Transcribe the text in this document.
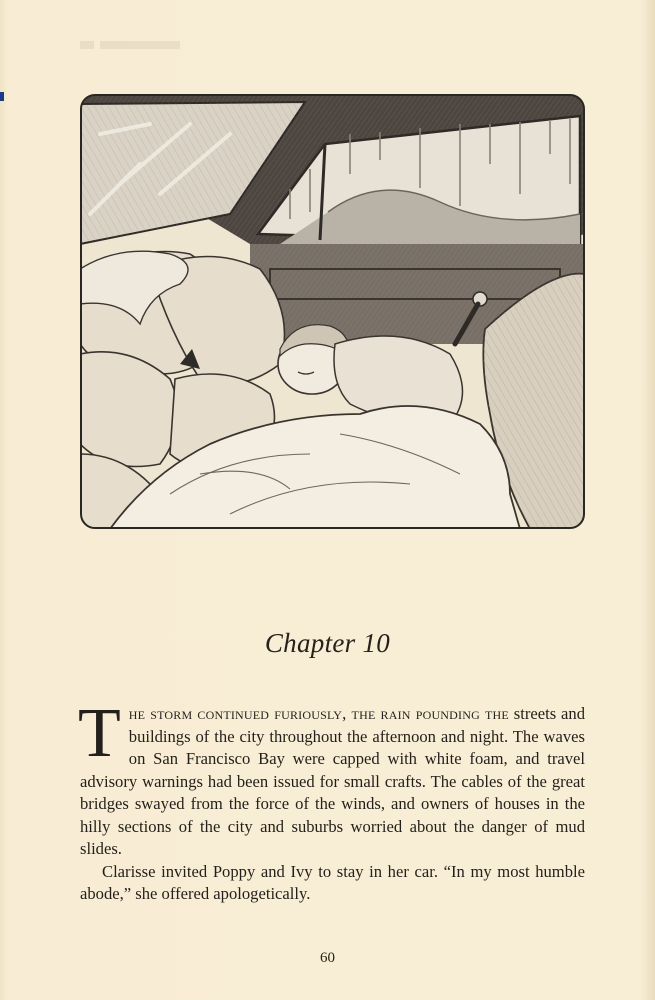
Chapter 10

The storm continued furiously, the rain pounding the streets and buildings of the city throughout the afternoon and night. The waves on San Francisco Bay were capped with white foam, and travel advisory warnings had been issued for small crafts. The cables of the great bridges swayed from the force of the winds, and owners of houses in the hilly sections of the city and suburbs worried about the danger of mud slides.

Clarisse invited Poppy and Ivy to stay in her car. “In my most humble abode,” she offered apologetically.

60
